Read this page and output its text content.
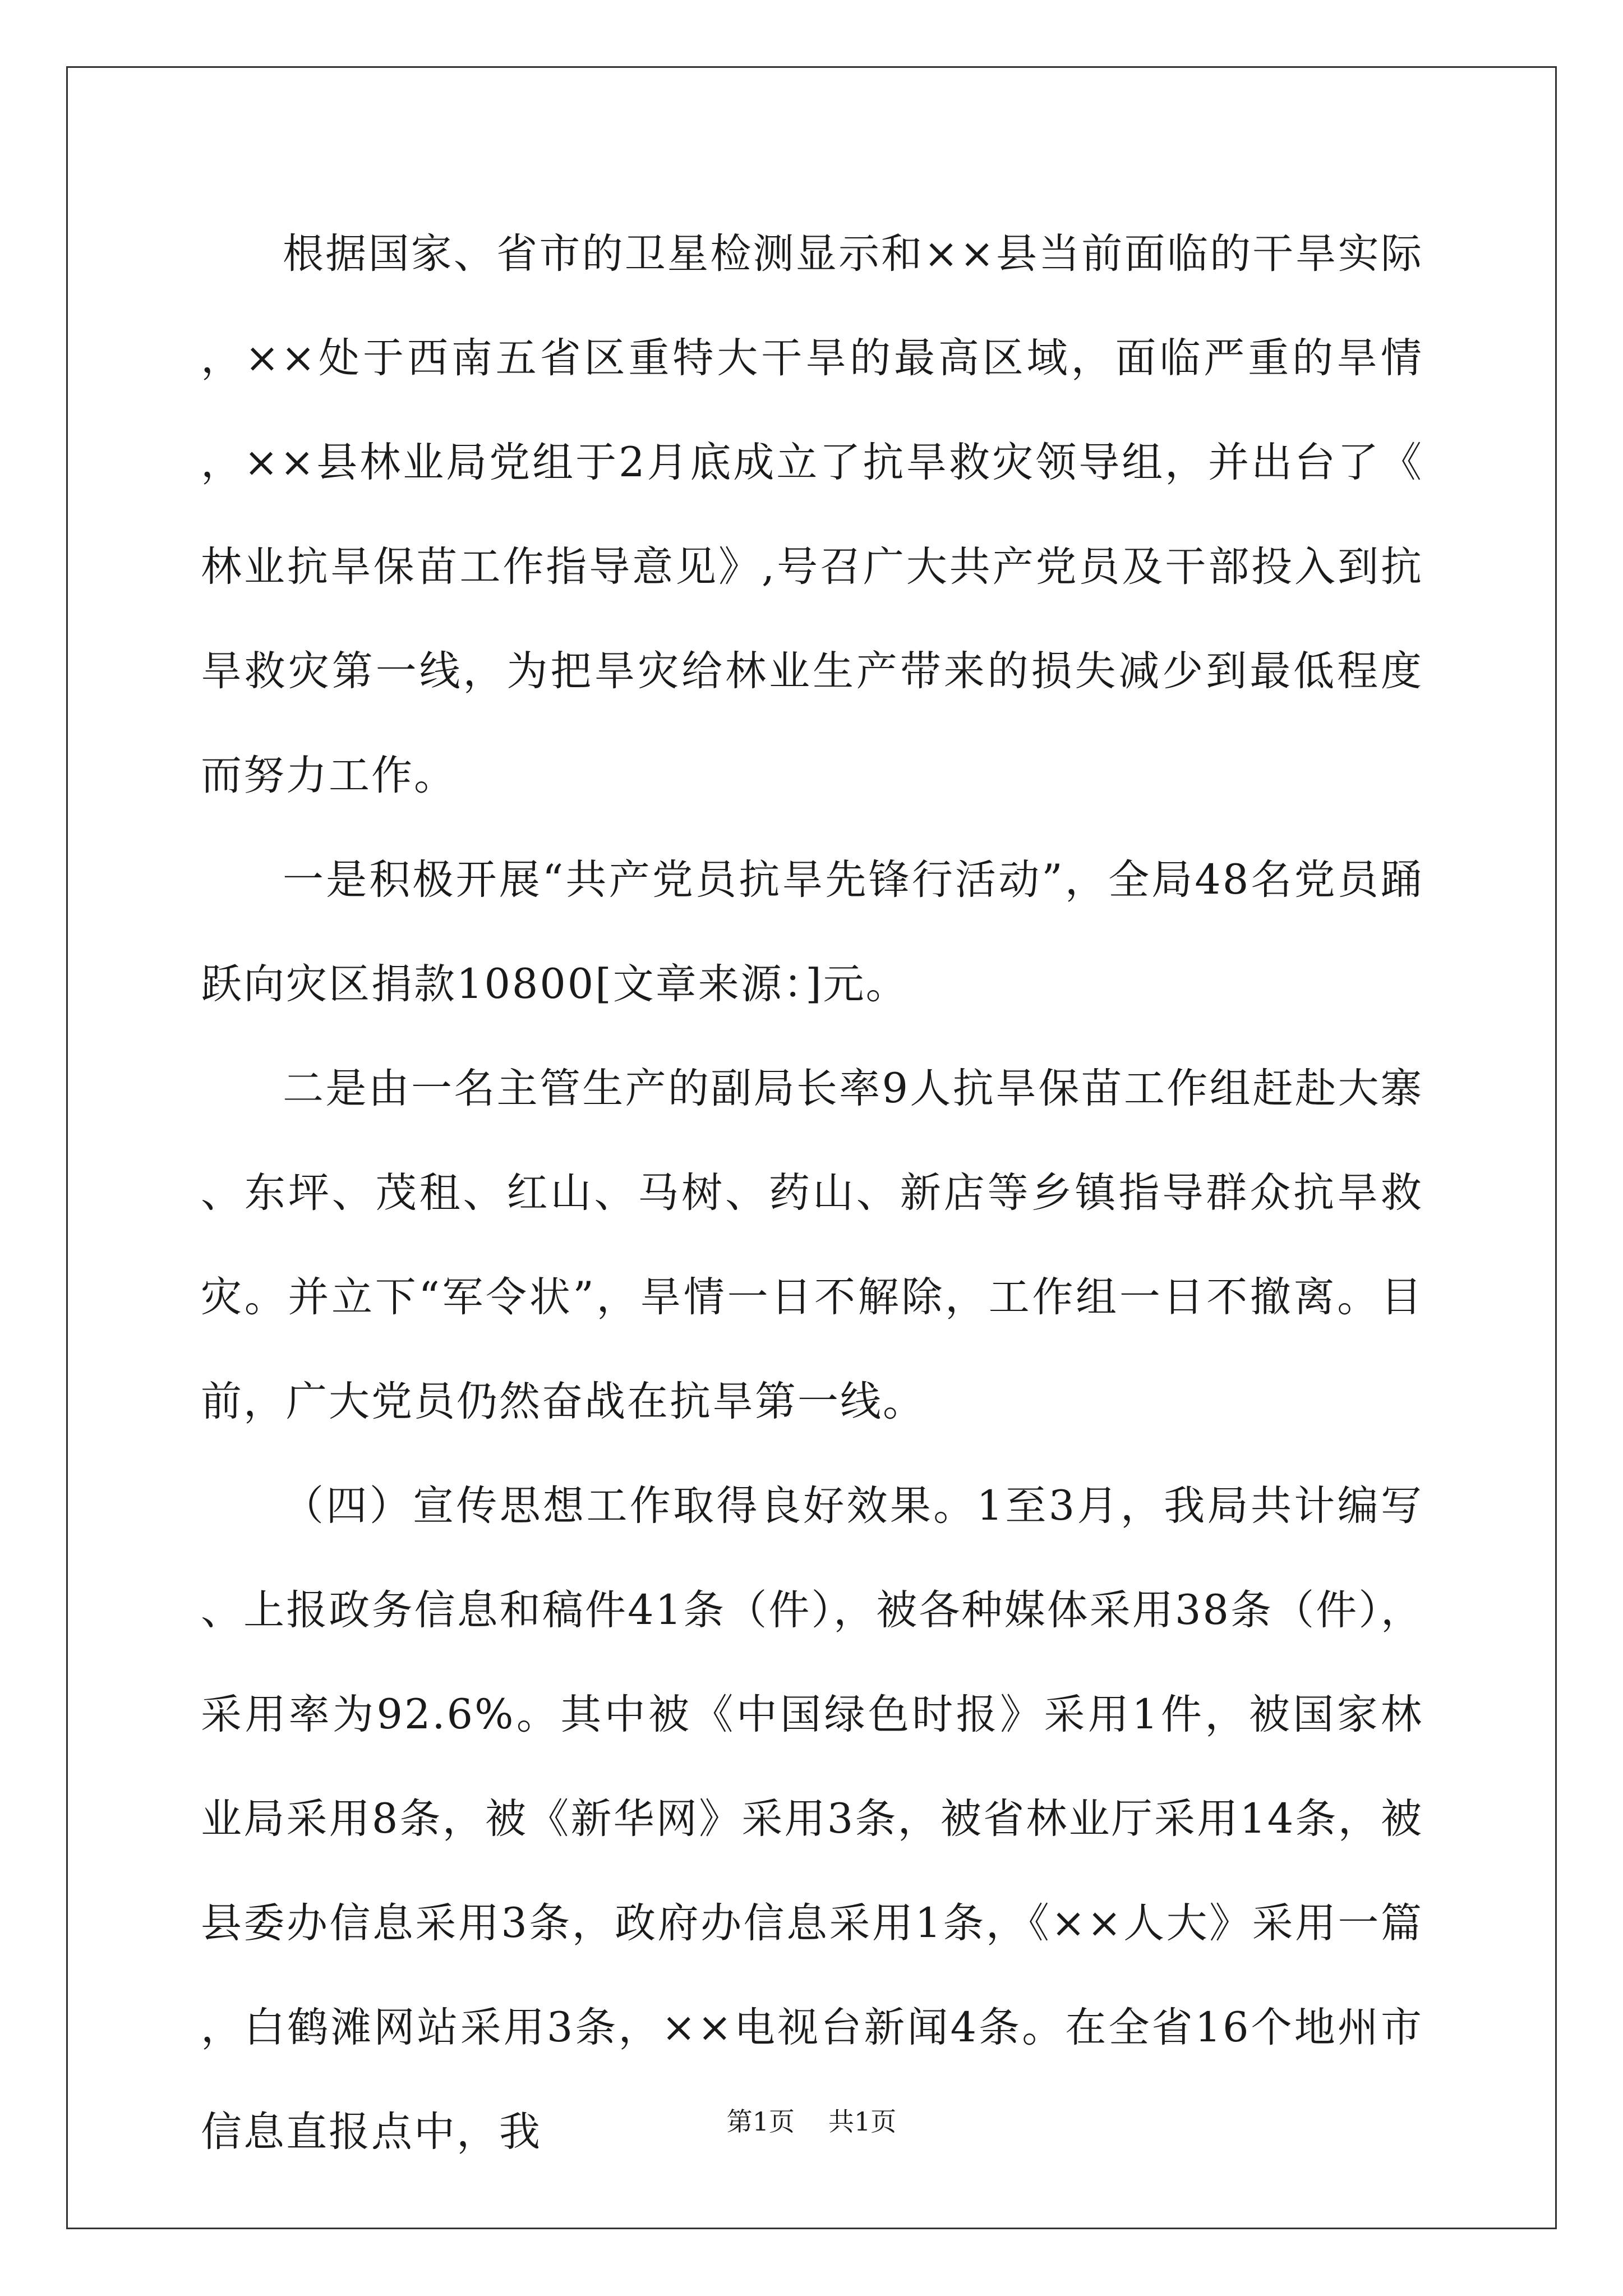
根据国家、省市的卫星检测显示和××县当前面临的干旱实际，××处于西南五省区重特大干旱的最高区域，面临严重的旱情，××县林业局党组于2月底成立了抗旱救灾领导组，并出台了《林业抗旱保苗工作指导意见》,号召广大共产党员及干部投入到抗旱救灾第一线，为把旱灾给林业生产带来的损失减少到最低程度而努力工作。

一是积极开展“共产党员抗旱先锋行活动”，全局48名党员踊跃向灾区捐款10800[文章来源：]元。

二是由一名主管生产的副局长率9人抗旱保苗工作组赶赴大寨、东坪、茂租、红山、马树、药山、新店等乡镇指导群众抗旱救灾。并立下“军令状”，旱情一日不解除，工作组一日不撤离。目前，广大党员仍然奋战在抗旱第一线。

（四）宣传思想工作取得良好效果。1至3月，我局共计编写、上报政务信息和稿件41条（件），被各种媒体采用38条（件），采用率为92.6%。其中被《中国绿色时报》采用1件，被国家林业局采用8条，被《新华网》采用3条，被省林业厅采用14条，被县委办信息采用3条，政府办信息采用1条，《××人大》采用一篇，白鹤滩网站采用3条，××电视台新闻4条。在全省16个地州市信息直报点中，我	第1页 共1页
